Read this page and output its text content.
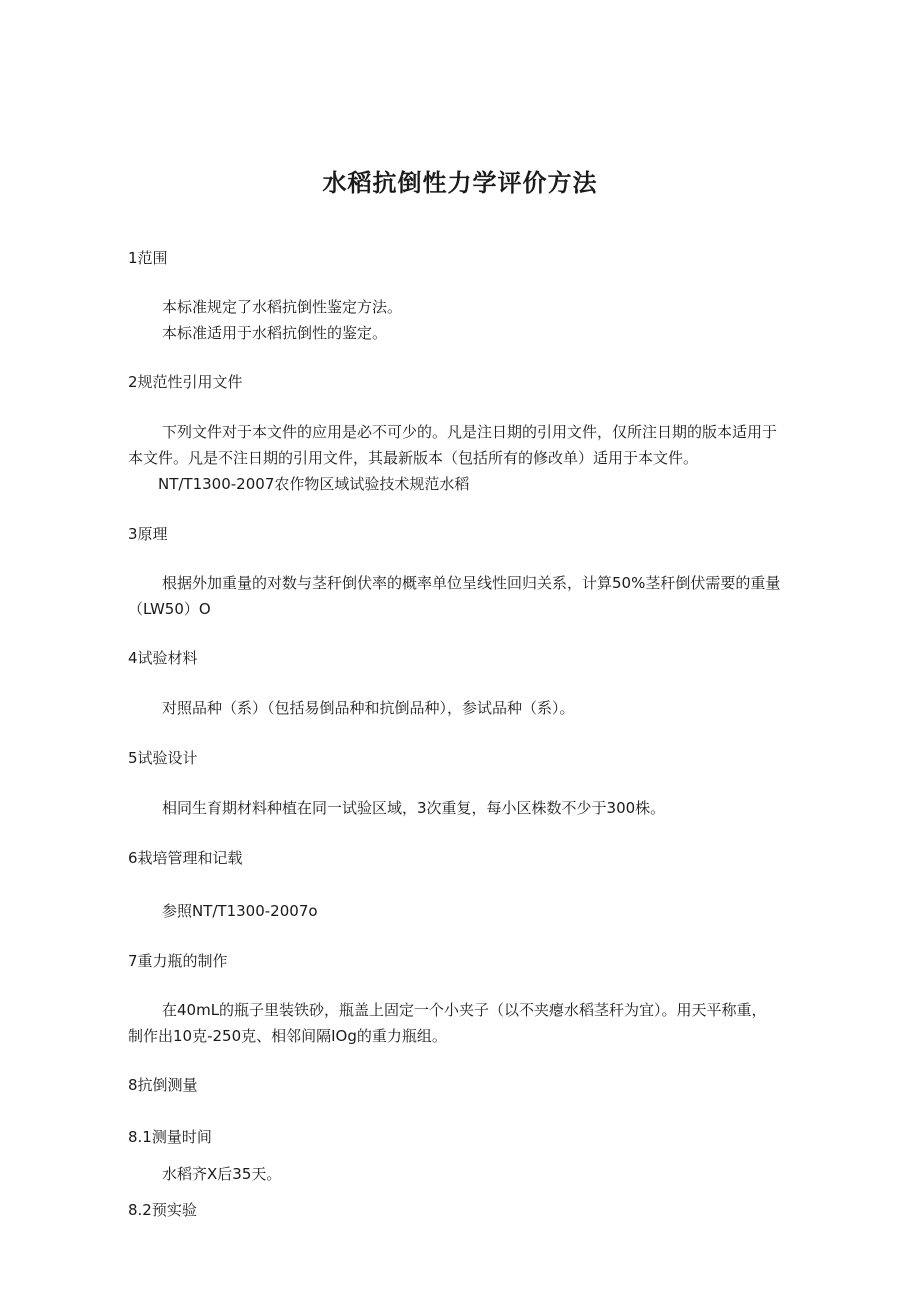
水稻抗倒性力学评价方法
1范围
本标准规定了水稻抗倒性鉴定方法。
本标准适用于水稻抗倒性的鉴定。
2规范性引用文件
下列文件对于本文件的应用是必不可少的。凡是注日期的引用文件，仅所注日期的版本适用于
本文件。凡是不注日期的引用文件，其最新版本（包括所有的修改单）适用于本文件。
NT/T1300-2007农作物区域试验技术规范水稻
3原理
根据外加重量的对数与茎秆倒伏率的概率单位呈线性回归关系，计算50%茎秆倒伏需要的重量
（LW50）O
4试验材料
对照品种（系）（包括易倒品种和抗倒品种），参试品种（系）。
5试验设计
相同生育期材料种植在同一试验区域，3次重复，每小区株数不少于300株。
6栽培管理和记载
参照NT/T1300-2007o
7重力瓶的制作
在40mL的瓶子里装铁砂，瓶盖上固定一个小夹子（以不夹瘪水稻茎秆为宜）。用天平称重，
制作出10克-250克、相邻间隔IOg的重力瓶组。
8抗倒测量
8.1测量时间
水稻齐X后35天。
8.2预实验
